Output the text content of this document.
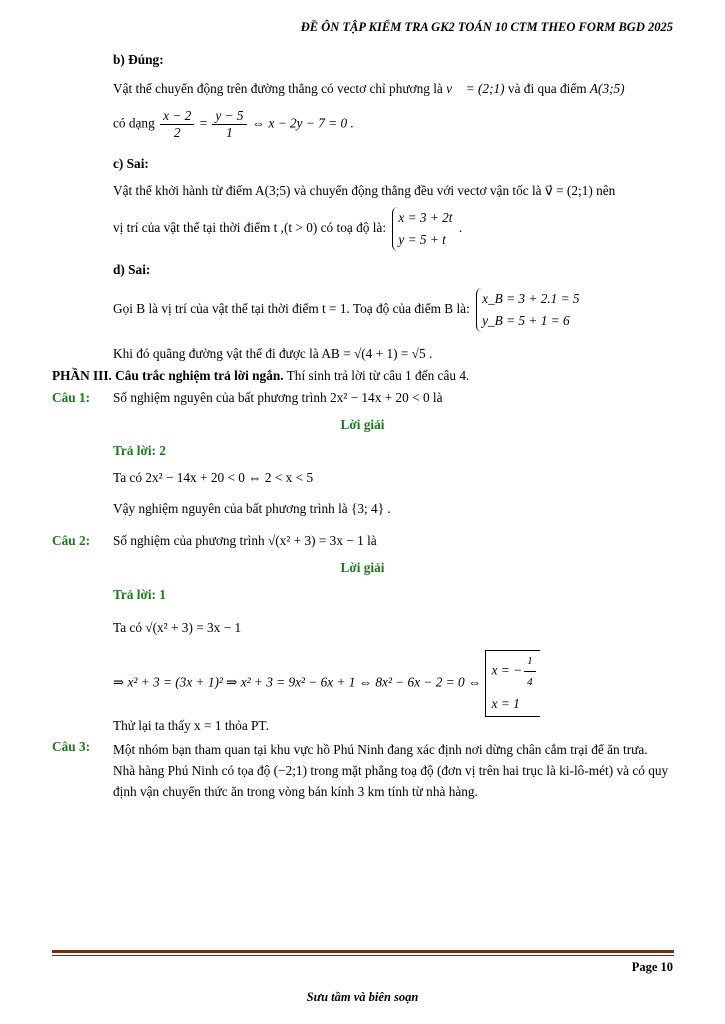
ĐỀ ÔN TẬP KIỂM TRA GK2 TOÁN 10 CTM THEO FORM BGD 2025
b) Đúng:
Vật thể chuyển động trên đường thẳng có vectơ chỉ phương là v⃗ = (2;1) và đi qua điểm A(3;5)
có dạng $\frac{x - 2}{2} = \frac{y - 5}{1}$ ⇔ x − 2y − 7 = 0 .
c) Sai:
Vật thể khởi hành từ điểm A(3;5) và chuyển động thẳng đều với vectơ vận tốc là v⃗ = (2;1) nên
vị trí của vật thể tại thời điểm t ,(t > 0) có toạ độ là:
x = 3 + 2t
y = 5 + t
.
d) Sai:
Gọi B là vị trí của vật thể tại thời điểm t = 1. Toạ độ của điểm B là:
x_B = 3 + 2.1 = 5
y_B = 5 + 1 = 6
Khi đó quãng đường vật thể đi được là AB = √(4 + 1) = √5 .
PHẦN III. Câu trắc nghiệm trả lời ngắn. Thí sinh trả lời từ câu 1 đến câu 4.
Câu 1: Số nghiệm nguyên của bất phương trình 2x² − 14x + 20 < 0 là
Lời giải
Trả lời: 2
Ta có 2x² − 14x + 20 < 0 ⇔ 2 < x < 5
Vậy nghiệm nguyên của bất phương trình là {3; 4} .
Câu 2: Số nghiệm của phương trình √(x² + 3) = 3x − 1 là
Lời giải
Trả lời: 1
Ta có √(x² + 3) = 3x − 1
⇒ x² + 3 = (3x + 1)² ⇒ x² + 3 = 9x² − 6x + 1 ⇔ 8x² − 6x − 2 = 0 ⇔
x = − $\frac{1}{4}$
x = 1
Thử lại ta thấy x = 1 thỏa PT.
Câu 3: Một nhóm bạn tham quan tại khu vực hồ Phú Ninh đang xác định nơi dừng chân cắm trại để ăn trưa. Nhà hàng Phú Ninh có tọa độ (−2;1) trong mặt phẳng toạ độ (đơn vị trên hai trục là ki-lô-mét) và có quy định vận chuyển thức ăn trong vòng bán kính 3 km tính từ nhà hàng.
Page 10
Sưu tầm và biên soạn
